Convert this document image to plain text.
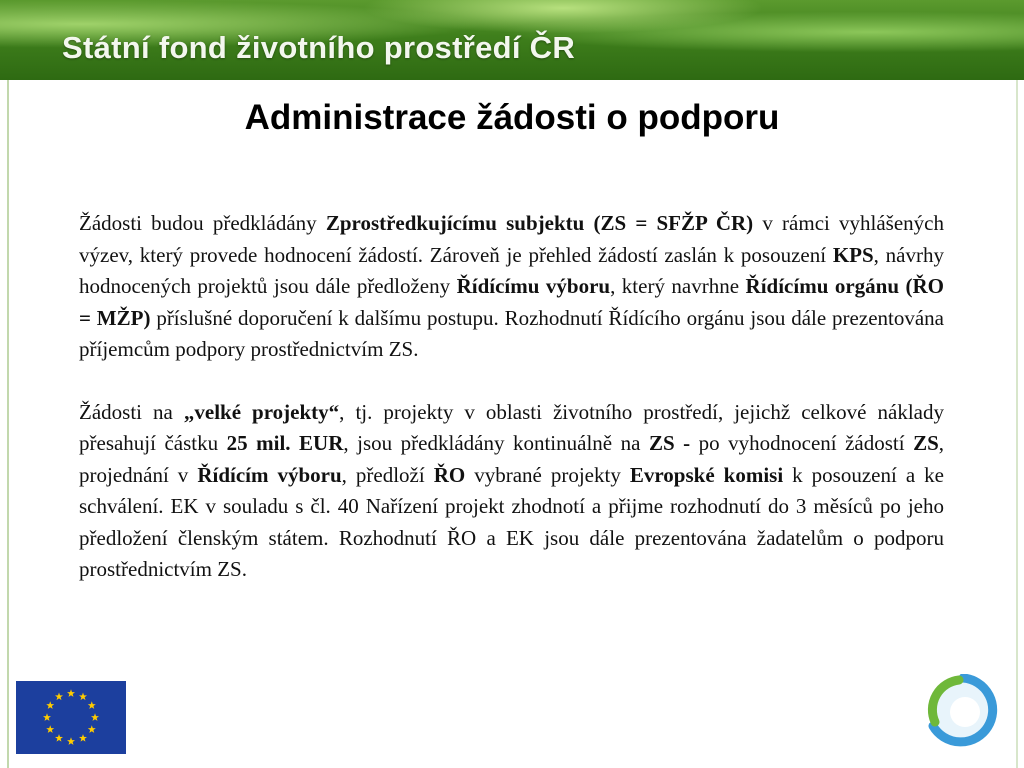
Státní fond životního prostředí ČR
Administrace žádosti o podporu

Žádosti budou předkládány Zprostředkujícímu subjektu (ZS = SFŽP ČR) v rámci vyhlášených výzev, který provede hodnocení žádostí. Zároveň je přehled žádostí zaslán k posouzení KPS, návrhy hodnocených projektů jsou dále předloženy Řídícímu výboru, který navrhne Řídícímu orgánu (ŘO = MŽP) příslušné doporučení k dalšímu postupu. Rozhodnutí Řídícího orgánu jsou dále prezentována příjemcům podpory prostřednictvím ZS.

Žádosti na „velké projekty“, tj. projekty v oblasti životního prostředí, jejichž celkové náklady přesahují částku 25 mil. EUR, jsou předkládány kontinuálně na ZS - po vyhodnocení žádostí ZS, projednání v Řídícím výboru, předloží ŘO vybrané projekty Evropské komisi k posouzení a ke schválení. EK v souladu s čl. 40 Nařízení projekt zhodnotí a přijme rozhodnutí do 3 měsíců po jeho předložení členským státem. Rozhodnutí ŘO a EK jsou dále prezentována žadatelům o podporu prostřednictvím ZS.
